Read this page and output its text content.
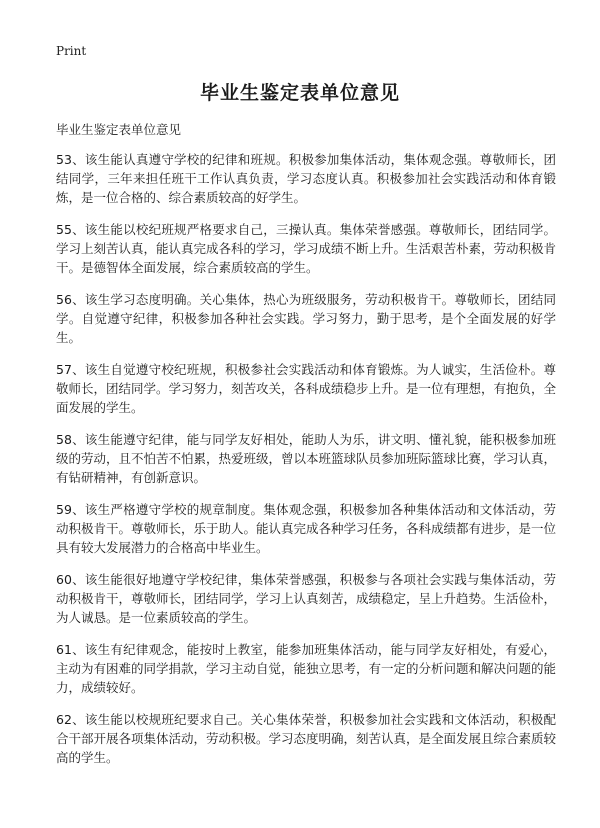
Print
毕业生鉴定表单位意见

毕业生鉴定表单位意见

53、该生能认真遵守学校的纪律和班规。积极参加集体活动，集体观念强。尊敬师长，团结同学，三年来担任班干工作认真负责，学习态度认真。积极参加社会实践活动和体育锻炼，是一位合格的、综合素质较高的好学生。

55、该生能以校纪班规严格要求自己，三操认真。集体荣誉感强。尊敬师长，团结同学。学习上刻苦认真，能认真完成各科的学习，学习成绩不断上升。生活艰苦朴素，劳动积极肯干。是德智体全面发展，综合素质较高的学生。

56、该生学习态度明确。关心集体，热心为班级服务，劳动积极肯干。尊敬师长，团结同学。自觉遵守纪律，积极参加各种社会实践。学习努力，勤于思考，是个全面发展的好学生。

57、该生自觉遵守校纪班规，积极参社会实践活动和体育锻炼。为人诚实，生活俭朴。尊敬师长，团结同学。学习努力，刻苦攻关，各科成绩稳步上升。是一位有理想，有抱负，全面发展的学生。

58、该生能遵守纪律，能与同学友好相处，能助人为乐，讲文明、懂礼貌，能积极参加班级的劳动，且不怕苦不怕累，热爱班级，曾以本班篮球队员参加班际篮球比赛，学习认真，有钻研精神，有创新意识。

59、该生严格遵守学校的规章制度。集体观念强，积极参加各种集体活动和文体活动，劳动积极肯干。尊敬师长，乐于助人。能认真完成各种学习任务，各科成绩都有进步，是一位具有较大发展潜力的合格高中毕业生。

60、该生能很好地遵守学校纪律，集体荣誉感强，积极参与各项社会实践与集体活动，劳动积极肯干，尊敬师长，团结同学，学习上认真刻苦，成绩稳定，呈上升趋势。生活俭朴，为人诚恳。是一位素质较高的学生。

61、该生有纪律观念，能按时上教室，能参加班集体活动，能与同学友好相处，有爱心，主动为有困难的同学捐款，学习主动自觉，能独立思考，有一定的分析问题和解决问题的能力，成绩较好。

62、该生能以校规班纪要求自己。关心集体荣誉，积极参加社会实践和文体活动，积极配合干部开展各项集体活动，劳动积极。学习态度明确，刻苦认真，是全面发展且综合素质较高的学生。
